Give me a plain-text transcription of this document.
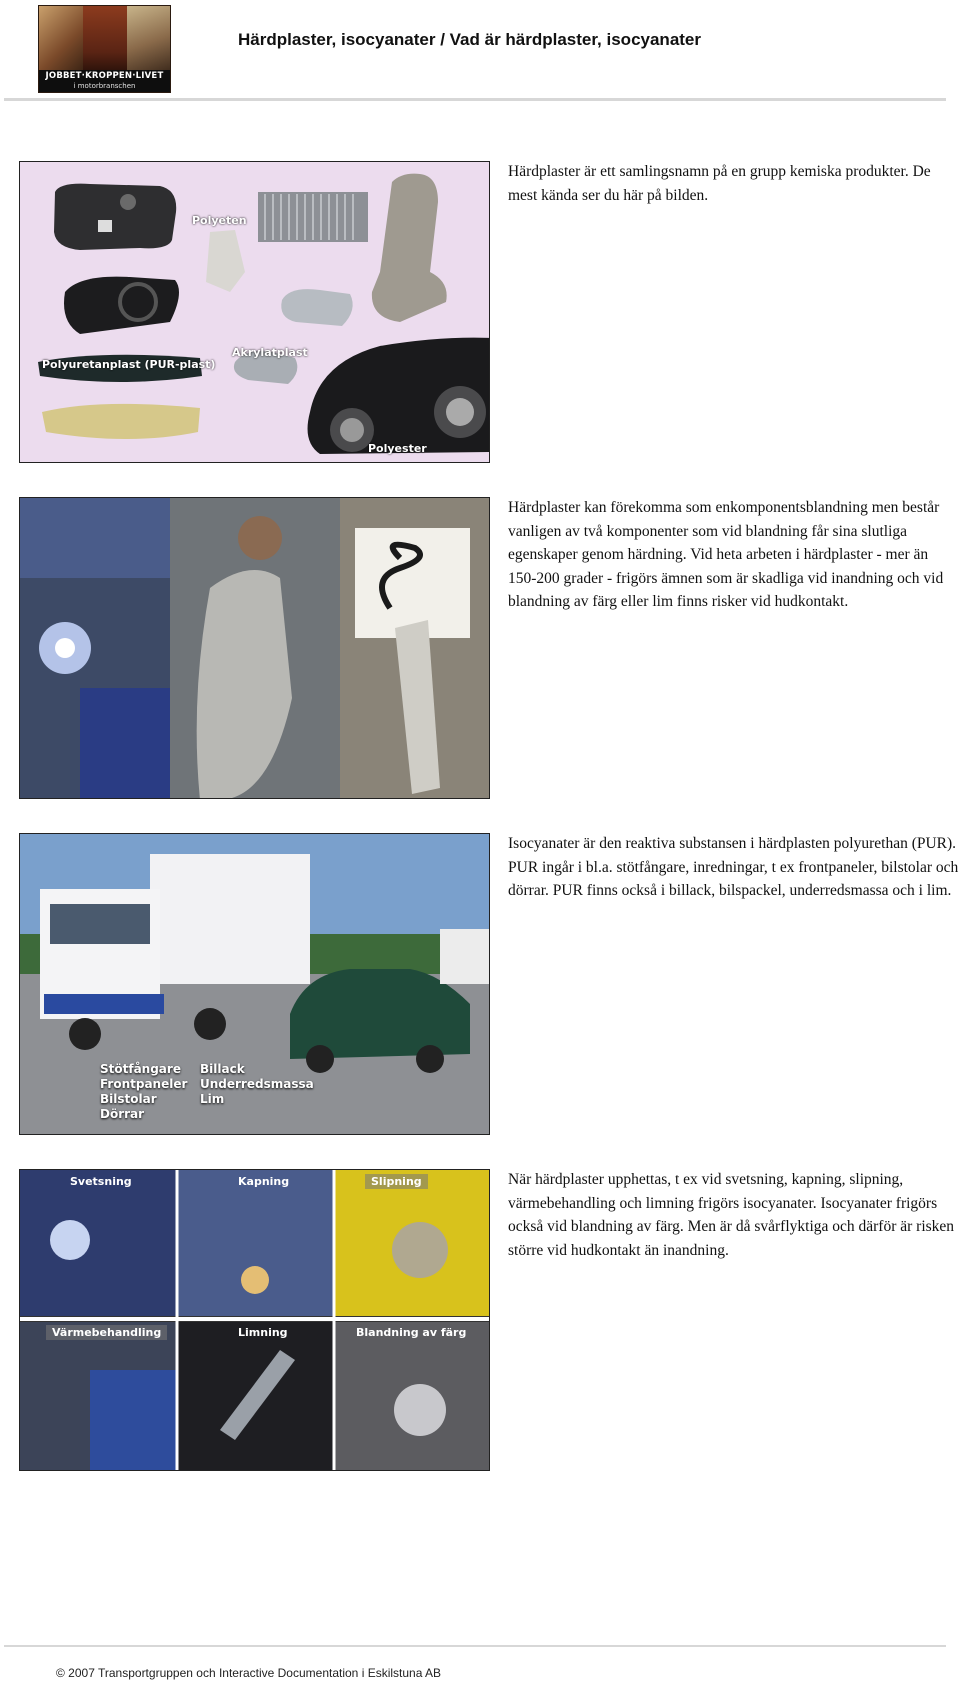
JOBBET·KROPPEN·LIVET
i motorbranschen
Härdplaster, isocyanater / Vad är härdplaster, isocyanater
Polyeten
Akrylatplast
Polyuretanplast (PUR-plast)
Polyester
Härdplaster är ett samlingsnamn på en grupp kemiska produkter. De mest kända ser du här på bilden.
Härdplaster kan förekomma som enkomponentsblandning men består vanligen av två komponenter som vid blandning får sina slutliga egenskaper genom härdning. Vid heta arbeten i härdplaster - mer än 150-200 grader - frigörs ämnen som är skadliga vid inandning och vid blandning av färg eller lim finns risker vid hudkontakt.
Stötfångare
Frontpaneler
Bilstolar
Dörrar
Billack
Underredsmassa
Lim
Isocyanater är den reaktiva substansen i härdplasten polyurethan (PUR). PUR ingår i bl.a. stötfångare, inredningar, t ex frontpaneler, bilstolar och dörrar. PUR finns också i billack, bilspackel, underredsmassa och i lim.
Svetsning	Kapning	Slipning
Värmebehandling	Limning	Blandning av färg
När härdplaster upphettas, t ex vid svetsning, kapning, slipning, värmebehandling och limning frigörs isocyanater. Isocyanater frigörs också vid blandning av färg. Men är då svårflyktiga och därför är risken större vid hudkontakt än inandning.
© 2007 Transportgruppen och Interactive Documentation i Eskilstuna AB
